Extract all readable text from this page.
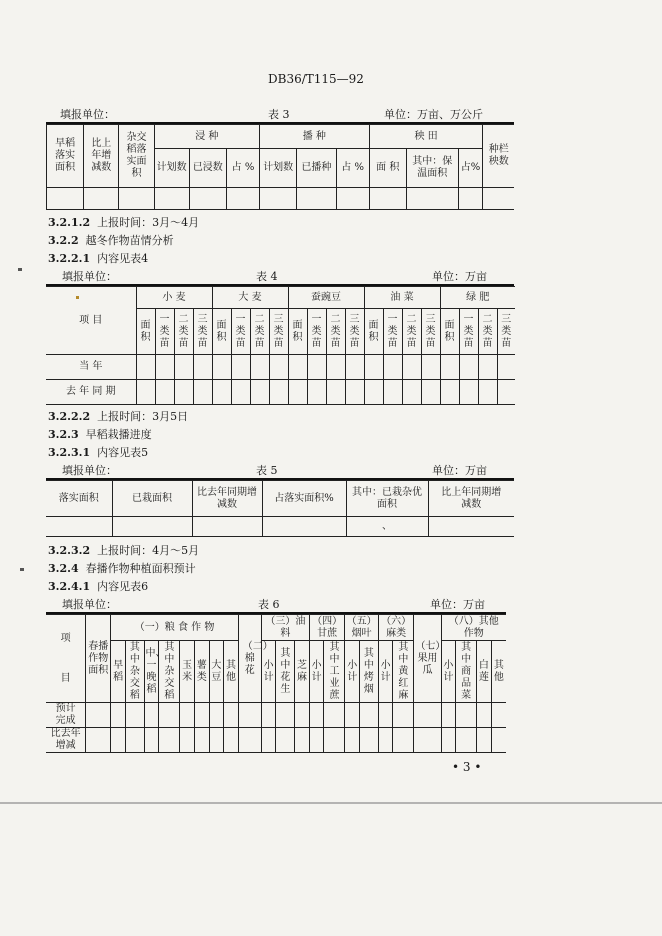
DB36/T115—92
填报单位：	表 3	单位：万亩、万公斤
早稻落实面积	比上年增减数	杂交稻落实面积	浸 种			播 种			秧 田			种栏秧数
			计划数	已浸数	占 %	计划数	已播种	占 %	面 积	其中：保温面积	占%	

3.2.1.2 上报时间：3月～4月
3.2.2 越冬作物苗情分析
3.2.2.1 内容见表4
填报单位：	表 4	单位：万亩
项 目	小 麦				大 麦				蚕豌豆				油 菜				绿 肥			
	面积	一类苗	二类苗	三类苗	面积	一类苗	二类苗	三类苗	面积	一类苗	二类苗	三类苗	面积	一类苗	二类苗	三类苗	面积	一类苗	二类苗	三类苗
当 年																				
去 年 同 期																				
3.2.2.2 上报时间：3月5日
3.2.3 早稻栽播进度
3.2.3.1 内容见表5
填报单位：	表 5	单位：万亩
落实面积	已栽面积	比去年同期增减数	占落实面积%	其中：已栽杂优面积	比上年同期增减数
				、	
3.2.3.2 上报时间：4月～5月
3.2.4 春播作物种植面积预计
3.2.4.1 内容见表6
填报单位：	表 6	单位：万亩
项
目	春播作物面积	（一）粮 食 作 物								（二）棉 花	（三）油料			（四）甘蔗		（五）烟叶		（六）麻类		（七）果用瓜	（八）其他作物			
		早稻	其中杂交稻	中、一晚稻	其中杂交稻	玉米	薯类	大豆	其他		小计	其中花生	芝麻	小计	其中工业蔗	小计	其中烤烟	小计	其中黄红麻		小计	其中商品菜	白莲	其他
预计完成																								
比去年增减																								
• 3 •
